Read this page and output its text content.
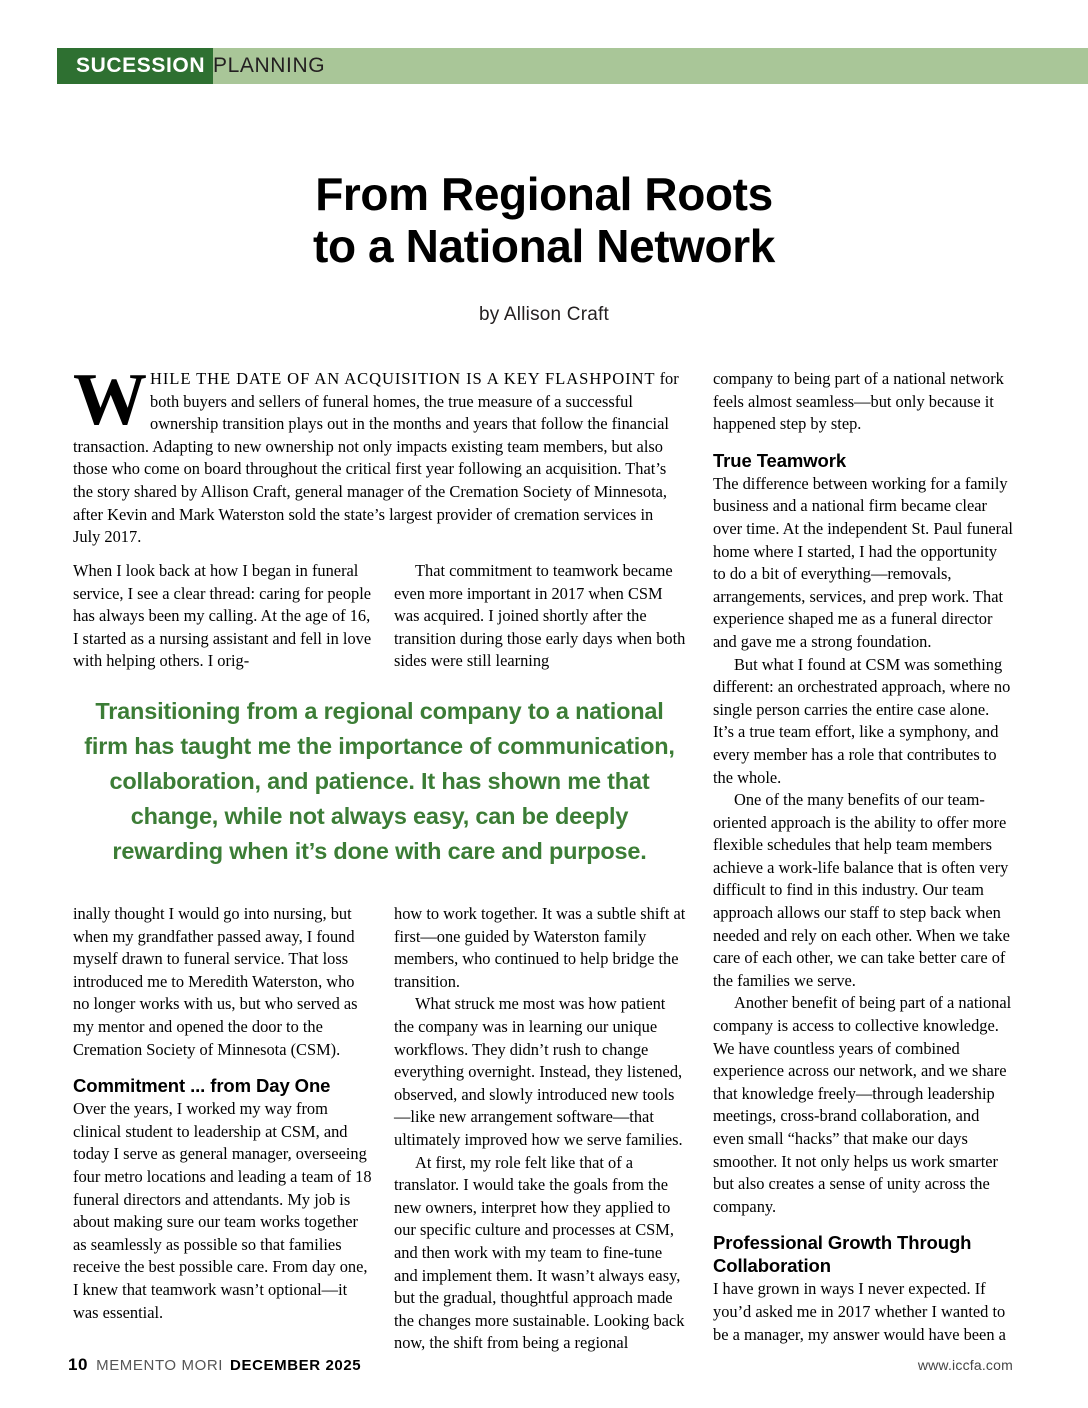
SUCESSION PLANNING
From Regional Roots
to a National Network
by Allison Craft

WHILE THE DATE OF AN ACQUISITION IS A KEY FLASHPOINT for both buyers and sellers of funeral homes, the true measure of a successful ownership transition plays out in the months and years that follow the financial transaction. Adapting to new ownership not only impacts existing team members, but also those who come on board throughout the critical first year following an acquisition. That’s the story shared by Allison Craft, general manager of the Cremation Society of Minnesota, after Kevin and Mark Waterston sold the state’s largest provider of cremation services in July 2017.

When I look back at how I began in funeral service, I see a clear thread: caring for people has always been my calling. At the age of 16, I started as a nursing assistant and fell in love with helping others. I orig-

That commitment to teamwork became even more important in 2017 when CSM was acquired. I joined shortly after the transition during those early days when both sides were still learning

Transitioning from a regional company to a national firm has taught me the importance of communication, collaboration, and patience. It has shown me that change, while not always easy, can be deeply rewarding when it’s done with care and purpose.

inally thought I would go into nursing, but when my grandfather passed away, I found myself drawn to funeral service. That loss introduced me to Meredith Waterston, who no longer works with us, but who served as my mentor and opened the door to the Cremation Society of Minnesota (CSM).

Commitment ... from Day One

Over the years, I worked my way from clinical student to leadership at CSM, and today I serve as general manager, overseeing four metro locations and leading a team of 18 funeral directors and attendants. My job is about making sure our team works together as seamlessly as possible so that families receive the best possible care. From day one, I knew that teamwork wasn’t optional—it was essential.

how to work together. It was a subtle shift at first—one guided by Waterston family members, who continued to help bridge the transition.

What struck me most was how patient the company was in learning our unique workflows. They didn’t rush to change everything overnight. Instead, they listened, observed, and slowly introduced new tools—like new arrangement software—that ultimately improved how we serve families.

At first, my role felt like that of a translator. I would take the goals from the new owners, interpret how they applied to our specific culture and processes at CSM, and then work with my team to fine-tune and implement them. It wasn’t always easy, but the gradual, thoughtful approach made the changes more sustainable. Looking back now, the shift from being a regional

company to being part of a national network feels almost seamless—but only because it happened step by step.

True Teamwork

The difference between working for a family business and a national firm became clear over time. At the independent St. Paul funeral home where I started, I had the opportunity to do a bit of everything—removals, arrangements, services, and prep work. That experience shaped me as a funeral director and gave me a strong foundation.

But what I found at CSM was something different: an orchestrated approach, where no single person carries the entire case alone. It’s a true team effort, like a symphony, and every member has a role that contributes to the whole.

One of the many benefits of our team-oriented approach is the ability to offer more flexible schedules that help team members achieve a work-life balance that is often very difficult to find in this industry. Our team approach allows our staff to step back when needed and rely on each other. When we take care of each other, we can take better care of the families we serve.

Another benefit of being part of a national company is access to collective knowledge. We have countless years of combined experience across our network, and we share that knowledge freely—through leadership meetings, cross-brand collaboration, and even small “hacks” that make our days smoother. It not only helps us work smarter but also creates a sense of unity across the company.

Professional Growth Through
Collaboration

I have grown in ways I never expected. If you’d asked me in 2017 whether I wanted to be a manager, my answer would have been a

10 MEMENTO MORI DECEMBER 2025	www.iccfa.com
